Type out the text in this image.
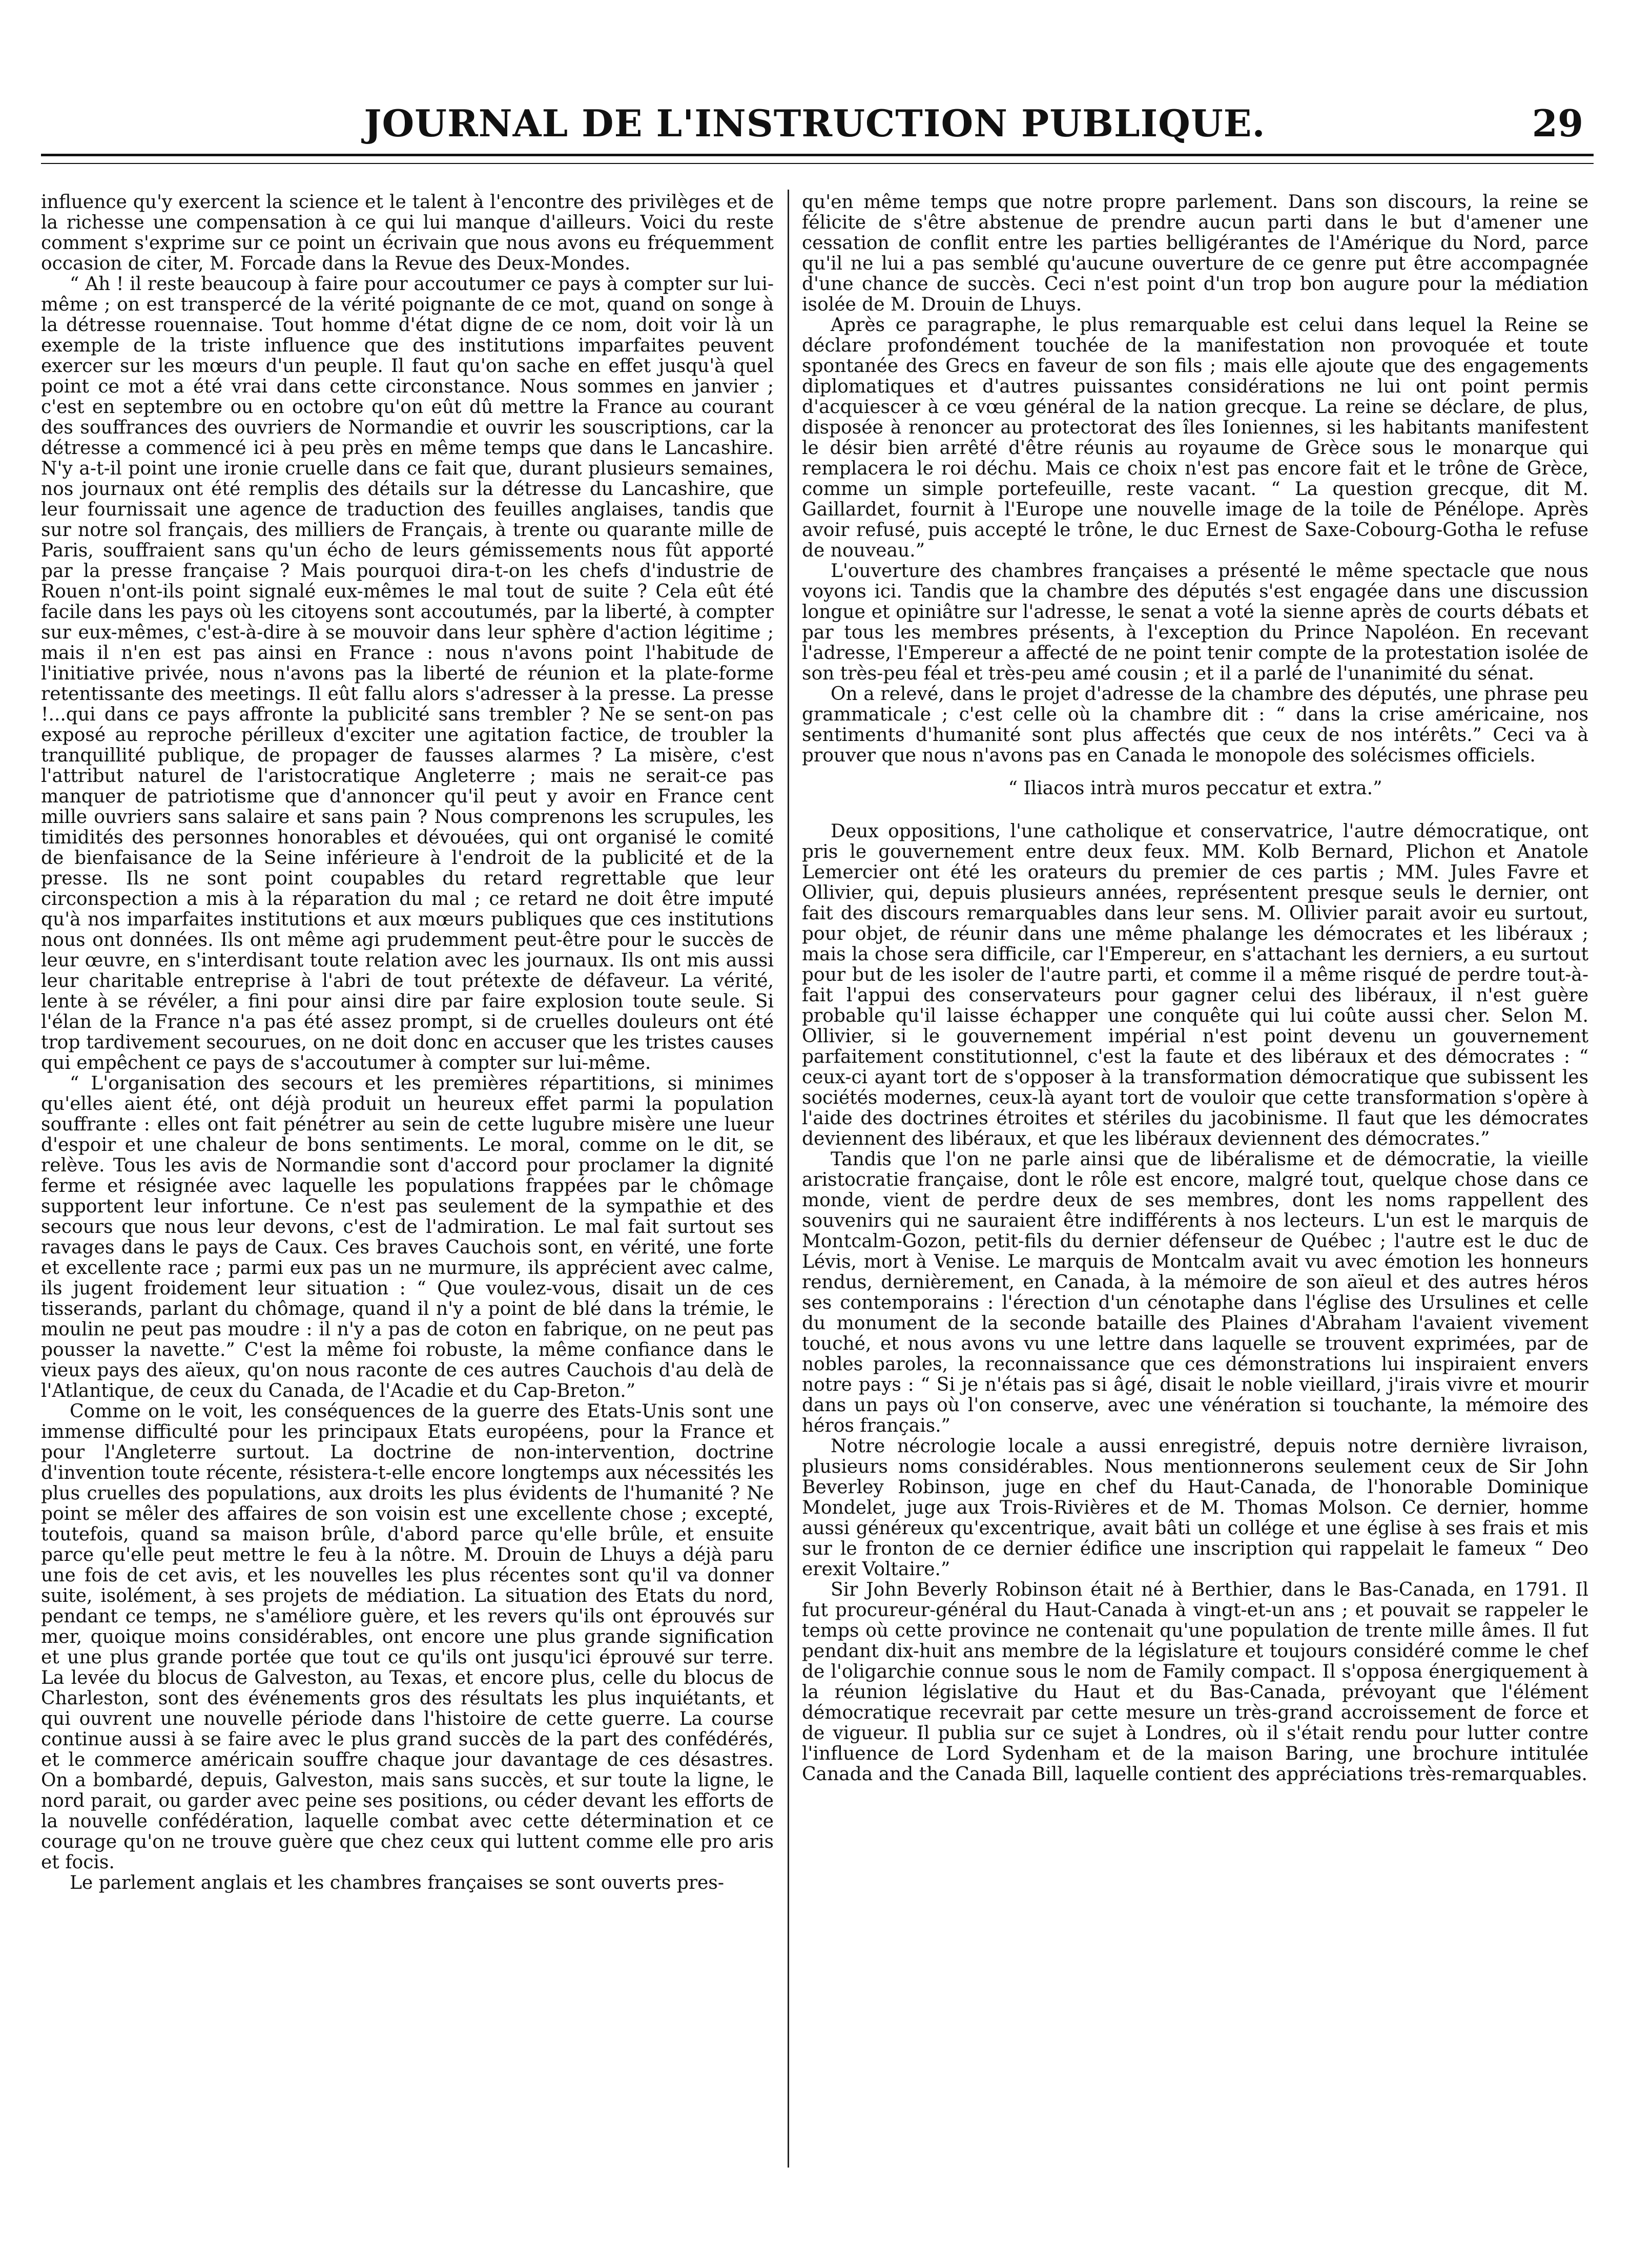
JOURNAL DE L'INSTRUCTION PUBLIQUE.	29

influence qu'y exercent la science et le talent à l'encontre des privilèges et de la richesse une compensation à ce qui lui manque d'ailleurs. Voici du reste comment s'exprime sur ce point un écrivain que nous avons eu fréquemment occasion de citer, M. Forcade dans la Revue des Deux-Mondes.

“ Ah ! il reste beaucoup à faire pour accoutumer ce pays à compter sur lui-même ; on est transpercé de la vérité poignante de ce mot, quand on songe à la détresse rouennaise. Tout homme d'état digne de ce nom, doit voir là un exemple de la triste influence que des institutions imparfaites peuvent exercer sur les mœurs d'un peuple. Il faut qu'on sache en effet jusqu'à quel point ce mot a été vrai dans cette circonstance. Nous sommes en janvier ; c'est en septembre ou en octobre qu'on eût dû mettre la France au courant des souffrances des ouvriers de Normandie et ouvrir les souscriptions, car la détresse a commencé ici à peu près en même temps que dans le Lancashire. N'y a-t-il point une ironie cruelle dans ce fait que, durant plusieurs semaines, nos journaux ont été remplis des détails sur la détresse du Lancashire, que leur fournissait une agence de traduction des feuilles anglaises, tandis que sur notre sol français, des milliers de Français, à trente ou quarante mille de Paris, souffraient sans qu'un écho de leurs gémissements nous fût apporté par la presse française ? Mais pourquoi dira-t-on les chefs d'industrie de Rouen n'ont-ils point signalé eux-mêmes le mal tout de suite ? Cela eût été facile dans les pays où les citoyens sont accoutumés, par la liberté, à compter sur eux-mêmes, c'est-à-dire à se mouvoir dans leur sphère d'action légitime ; mais il n'en est pas ainsi en France : nous n'avons point l'habitude de l'initiative privée, nous n'avons pas la liberté de réunion et la plate-forme retentissante des meetings. Il eût fallu alors s'adresser à la presse. La presse !...qui dans ce pays affronte la publicité sans trembler ? Ne se sent-on pas exposé au reproche périlleux d'exciter une agitation factice, de troubler la tranquillité publique, de propager de fausses alarmes ? La misère, c'est l'attribut naturel de l'aristocratique Angleterre ; mais ne serait-ce pas manquer de patriotisme que d'annoncer qu'il peut y avoir en France cent mille ouvriers sans salaire et sans pain ? Nous comprenons les scrupules, les timidités des personnes honorables et dévouées, qui ont organisé le comité de bienfaisance de la Seine inférieure à l'endroit de la publicité et de la presse. Ils ne sont point coupables du retard regrettable que leur circonspection a mis à la réparation du mal ; ce retard ne doit être imputé qu'à nos imparfaites institutions et aux mœurs publiques que ces institutions nous ont données. Ils ont même agi prudemment peut-être pour le succès de leur œuvre, en s'interdisant toute relation avec les journaux. Ils ont mis aussi leur charitable entreprise à l'abri de tout prétexte de défaveur. La vérité, lente à se révéler, a fini pour ainsi dire par faire explosion toute seule. Si l'élan de la France n'a pas été assez prompt, si de cruelles douleurs ont été trop tardivement secourues, on ne doit donc en accuser que les tristes causes qui empêchent ce pays de s'accoutumer à compter sur lui-même.

“ L'organisation des secours et les premières répartitions, si minimes qu'elles aient été, ont déjà produit un heureux effet parmi la population souffrante : elles ont fait pénétrer au sein de cette lugubre misère une lueur d'espoir et une chaleur de bons sentiments. Le moral, comme on le dit, se relève. Tous les avis de Normandie sont d'accord pour proclamer la dignité ferme et résignée avec laquelle les populations frappées par le chômage supportent leur infortune. Ce n'est pas seulement de la sympathie et des secours que nous leur devons, c'est de l'admiration. Le mal fait surtout ses ravages dans le pays de Caux. Ces braves Cauchois sont, en vérité, une forte et excellente race ; parmi eux pas un ne murmure, ils apprécient avec calme, ils jugent froidement leur situation : “ Que voulez-vous, disait un de ces tisserands, parlant du chômage, quand il n'y a point de blé dans la trémie, le moulin ne peut pas moudre : il n'y a pas de coton en fabrique, on ne peut pas pousser la navette.” C'est la même foi robuste, la même confiance dans le vieux pays des aïeux, qu'on nous raconte de ces autres Cauchois d'au delà de l'Atlantique, de ceux du Canada, de l'Acadie et du Cap-Breton.”

Comme on le voit, les conséquences de la guerre des Etats-Unis sont une immense difficulté pour les principaux Etats européens, pour la France et pour l'Angleterre surtout. La doctrine de non-intervention, doctrine d'invention toute récente, résistera-t-elle encore longtemps aux nécessités les plus cruelles des populations, aux droits les plus évidents de l'humanité ? Ne point se mêler des affaires de son voisin est une excellente chose ; excepté, toutefois, quand sa maison brûle, d'abord parce qu'elle brûle, et ensuite parce qu'elle peut mettre le feu à la nôtre. M. Drouin de Lhuys a déjà paru une fois de cet avis, et les nouvelles les plus récentes sont qu'il va donner suite, isolément, à ses projets de médiation. La situation des Etats du nord, pendant ce temps, ne s'améliore guère, et les revers qu'ils ont éprouvés sur mer, quoique moins considérables, ont encore une plus grande signification et une plus grande portée que tout ce qu'ils ont jusqu'ici éprouvé sur terre. La levée du blocus de Galveston, au Texas, et encore plus, celle du blocus de Charleston, sont des événements gros des résultats les plus inquiétants, et qui ouvrent une nouvelle période dans l'histoire de cette guerre. La course continue aussi à se faire avec le plus grand succès de la part des confédérés, et le commerce américain souffre chaque jour davantage de ces désastres. On a bombardé, depuis, Galveston, mais sans succès, et sur toute la ligne, le nord parait, ou garder avec peine ses positions, ou céder devant les efforts de la nouvelle confédération, laquelle combat avec cette détermination et ce courage qu'on ne trouve guère que chez ceux qui luttent comme elle pro aris et focis.

Le parlement anglais et les chambres françaises se sont ouverts pres-

qu'en même temps que notre propre parlement. Dans son discours, la reine se félicite de s'être abstenue de prendre aucun parti dans le but d'amener une cessation de conflit entre les parties belligérantes de l'Amérique du Nord, parce qu'il ne lui a pas semblé qu'aucune ouverture de ce genre put être accompagnée d'une chance de succès. Ceci n'est point d'un trop bon augure pour la médiation isolée de M. Drouin de Lhuys.

Après ce paragraphe, le plus remarquable est celui dans lequel la Reine se déclare profondément touchée de la manifestation non provoquée et toute spontanée des Grecs en faveur de son fils ; mais elle ajoute que des engagements diplomatiques et d'autres puissantes considérations ne lui ont point permis d'acquiescer à ce vœu général de la nation grecque. La reine se déclare, de plus, disposée à renoncer au protectorat des îles Ioniennes, si les habitants manifestent le désir bien arrêté d'être réunis au royaume de Grèce sous le monarque qui remplacera le roi déchu. Mais ce choix n'est pas encore fait et le trône de Grèce, comme un simple portefeuille, reste vacant. “ La question grecque, dit M. Gaillardet, fournit à l'Europe une nouvelle image de la toile de Pénélope. Après avoir refusé, puis accepté le trône, le duc Ernest de Saxe-Cobourg-Gotha le refuse de nouveau.”

L'ouverture des chambres françaises a présenté le même spectacle que nous voyons ici. Tandis que la chambre des députés s'est engagée dans une discussion longue et opiniâtre sur l'adresse, le senat a voté la sienne après de courts débats et par tous les membres présents, à l'exception du Prince Napoléon. En recevant l'adresse, l'Empereur a affecté de ne point tenir compte de la protestation isolée de son très-peu féal et très-peu amé cousin ; et il a parlé de l'unanimité du sénat.

On a relevé, dans le projet d'adresse de la chambre des députés, une phrase peu grammaticale ; c'est celle où la chambre dit : “ dans la crise américaine, nos sentiments d'humanité sont plus affectés que ceux de nos intérêts.” Ceci va à prouver que nous n'avons pas en Canada le monopole des solécismes officiels.

“ Iliacos intrà muros peccatur et extra.”

Deux oppositions, l'une catholique et conservatrice, l'autre démocratique, ont pris le gouvernement entre deux feux. MM. Kolb Bernard, Plichon et Anatole Lemercier ont été les orateurs du premier de ces partis ; MM. Jules Favre et Ollivier, qui, depuis plusieurs années, représentent presque seuls le dernier, ont fait des discours remarquables dans leur sens. M. Ollivier parait avoir eu surtout, pour objet, de réunir dans une même phalange les démocrates et les libéraux ; mais la chose sera difficile, car l'Empereur, en s'attachant les derniers, a eu surtout pour but de les isoler de l'autre parti, et comme il a même risqué de perdre tout-à-fait l'appui des conservateurs pour gagner celui des libéraux, il n'est guère probable qu'il laisse échapper une conquête qui lui coûte aussi cher. Selon M. Ollivier, si le gouvernement impérial n'est point devenu un gouvernement parfaitement constitutionnel, c'est la faute et des libéraux et des démocrates : “ ceux-ci ayant tort de s'opposer à la transformation démocratique que subissent les sociétés modernes, ceux-là ayant tort de vouloir que cette transformation s'opère à l'aide des doctrines étroites et stériles du jacobinisme. Il faut que les démocrates deviennent des libéraux, et que les libéraux deviennent des démocrates.”

Tandis que l'on ne parle ainsi que de libéralisme et de démocratie, la vieille aristocratie française, dont le rôle est encore, malgré tout, quelque chose dans ce monde, vient de perdre deux de ses membres, dont les noms rappellent des souvenirs qui ne sauraient être indifférents à nos lecteurs. L'un est le marquis de Montcalm-Gozon, petit-fils du dernier défenseur de Québec ; l'autre est le duc de Lévis, mort à Venise. Le marquis de Montcalm avait vu avec émotion les honneurs rendus, dernièrement, en Canada, à la mémoire de son aïeul et des autres héros ses contemporains : l'érection d'un cénotaphe dans l'église des Ursulines et celle du monument de la seconde bataille des Plaines d'Abraham l'avaient vivement touché, et nous avons vu une lettre dans laquelle se trouvent exprimées, par de nobles paroles, la reconnaissance que ces démonstrations lui inspiraient envers notre pays : “ Si je n'étais pas si âgé, disait le noble vieillard, j'irais vivre et mourir dans un pays où l'on conserve, avec une vénération si touchante, la mémoire des héros français.”

Notre nécrologie locale a aussi enregistré, depuis notre dernière livraison, plusieurs noms considérables. Nous mentionnerons seulement ceux de Sir John Beverley Robinson, juge en chef du Haut-Canada, de l'honorable Dominique Mondelet, juge aux Trois-Rivières et de M. Thomas Molson. Ce dernier, homme aussi généreux qu'excentrique, avait bâti un collége et une église à ses frais et mis sur le fronton de ce dernier édifice une inscription qui rappelait le fameux “ Deo erexit Voltaire.”

Sir John Beverly Robinson était né à Berthier, dans le Bas-Canada, en 1791. Il fut procureur-général du Haut-Canada à vingt-et-un ans ; et pouvait se rappeler le temps où cette province ne contenait qu'une population de trente mille âmes. Il fut pendant dix-huit ans membre de la législature et toujours considéré comme le chef de l'oligarchie connue sous le nom de Family compact. Il s'opposa énergiquement à la réunion législative du Haut et du Bas-Canada, prévoyant que l'élément démocratique recevrait par cette mesure un très-grand accroissement de force et de vigueur. Il publia sur ce sujet à Londres, où il s'était rendu pour lutter contre l'influence de Lord Sydenham et de la maison Baring, une brochure intitulée Canada and the Canada Bill, laquelle contient des appréciations très-remarquables.
